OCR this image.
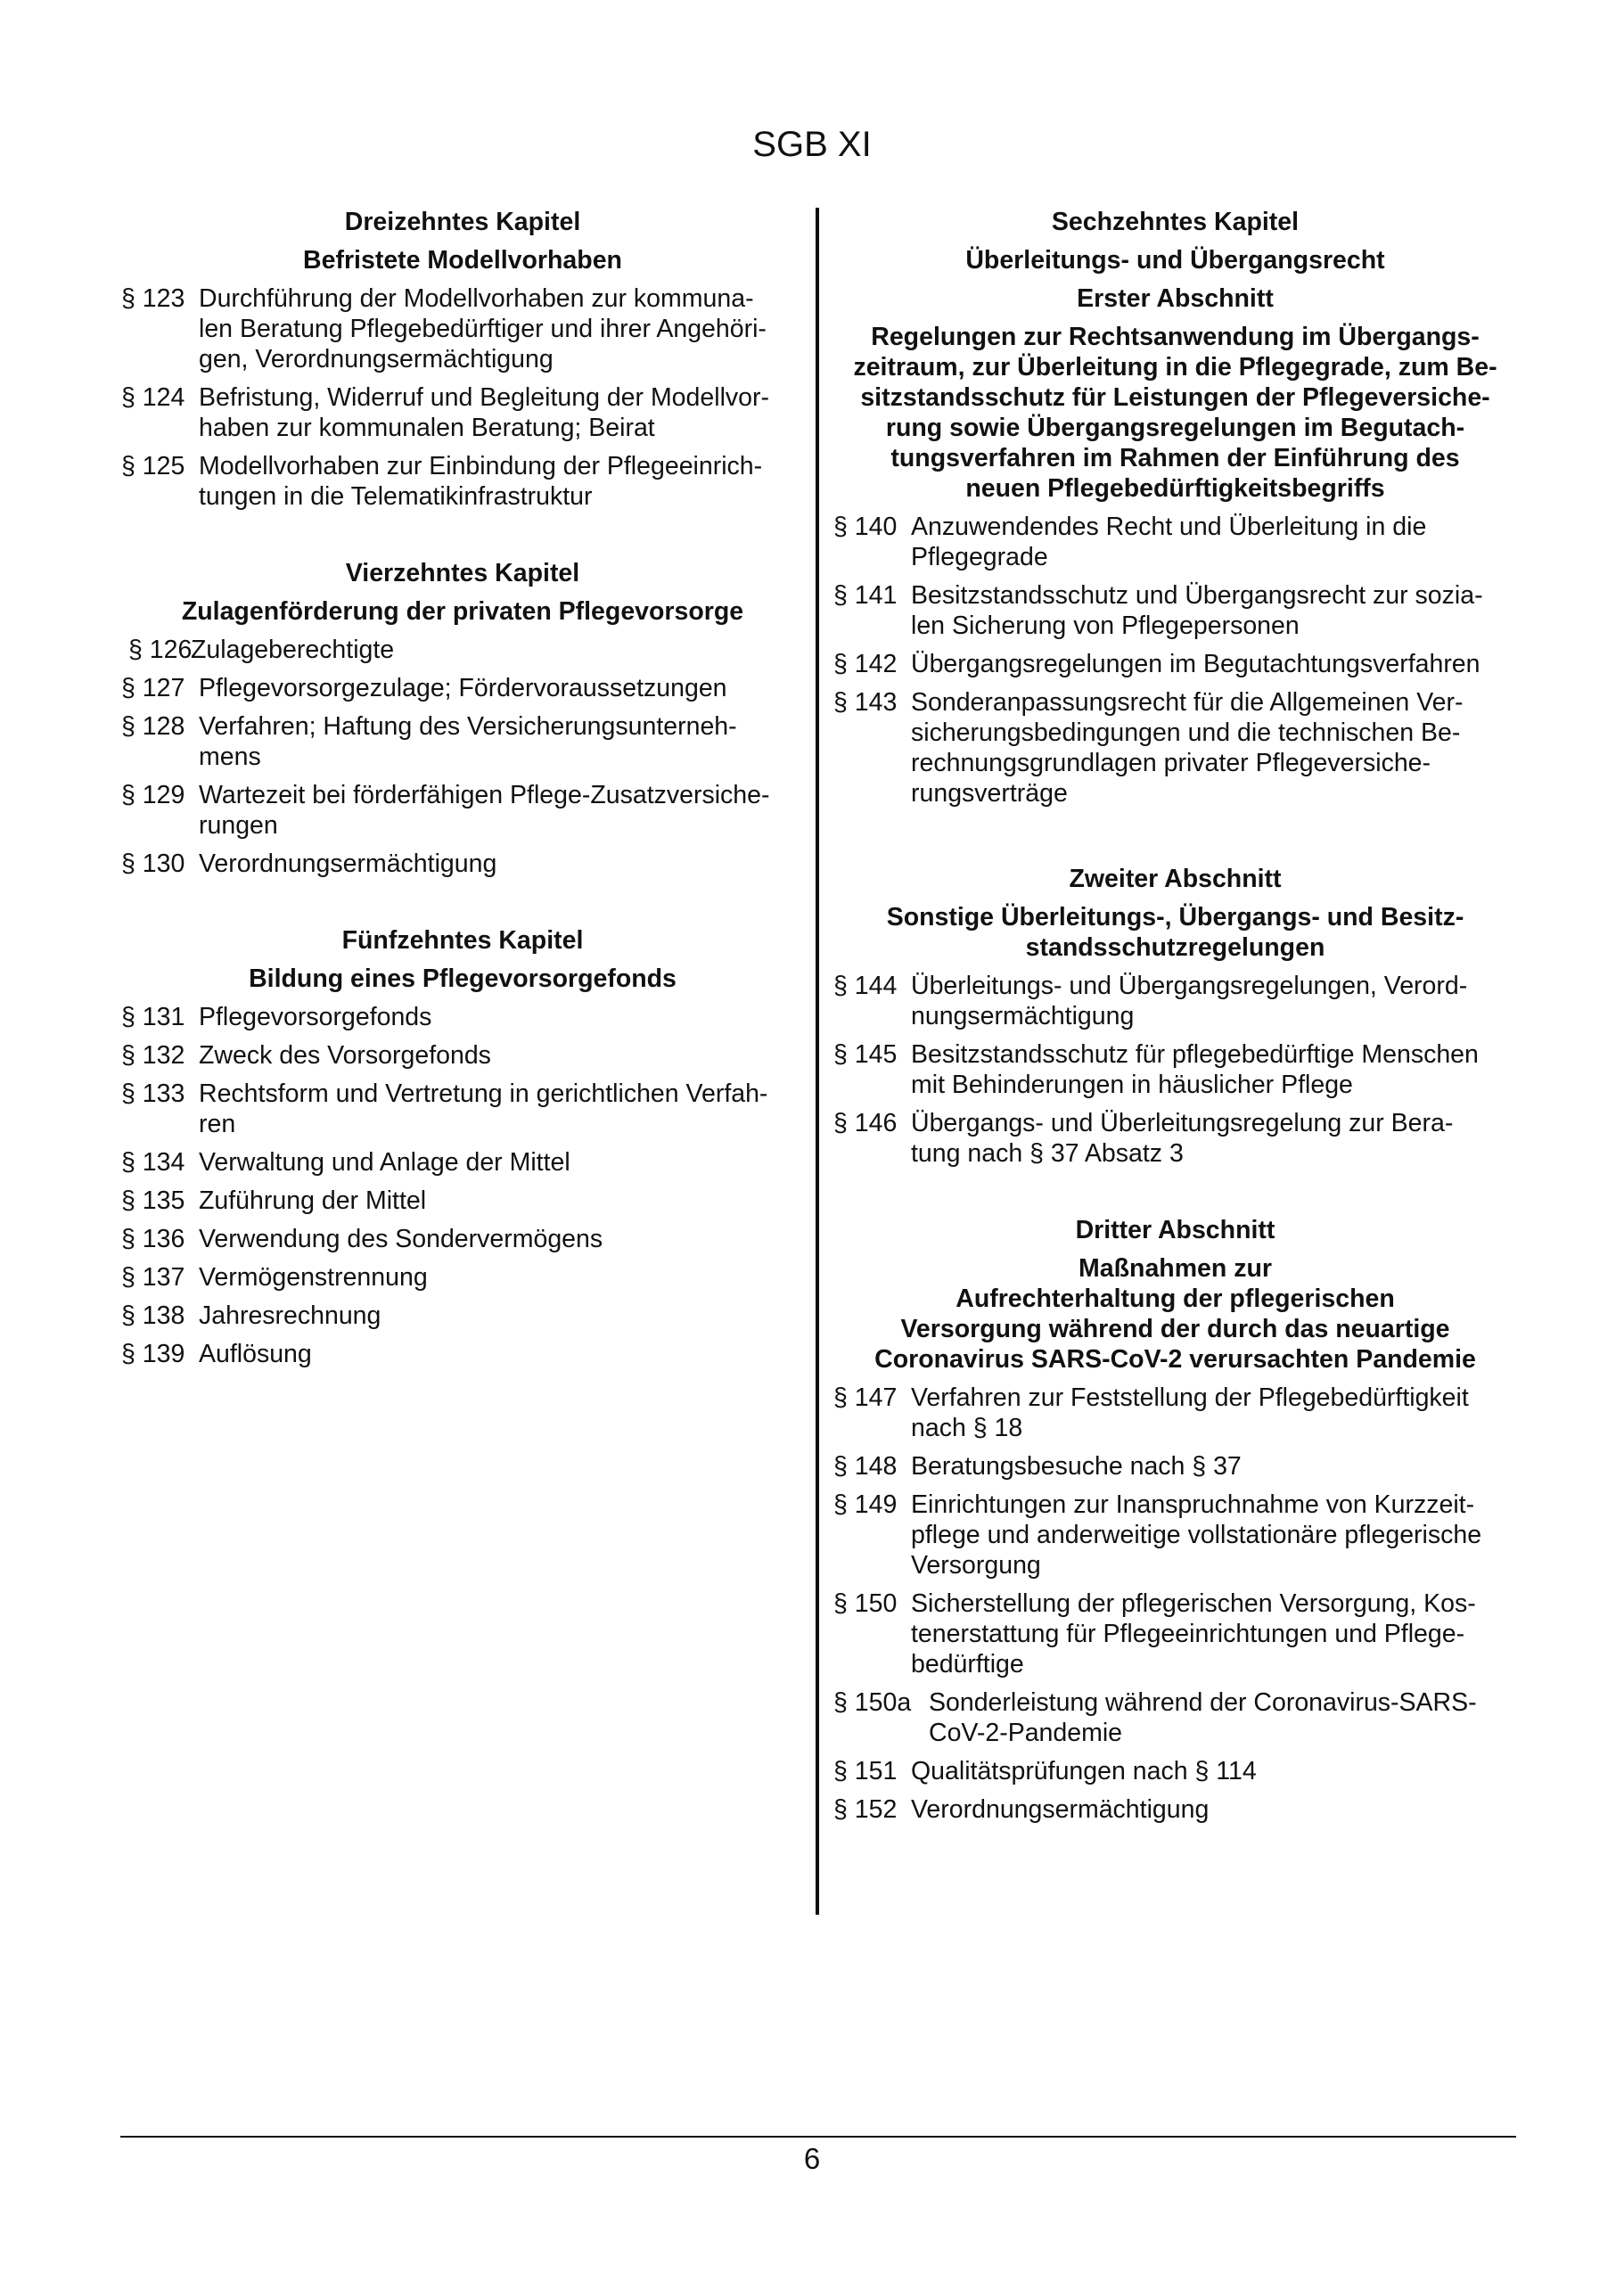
SGB XI
Dreizehntes Kapitel
Befristete Modellvorhaben
§ 123 Durchführung der Modellvorhaben zur kommuna-
len Beratung Pflegebedürftiger und ihrer Angehöri-
gen, Verordnungsermächtigung
§ 124 Befristung, Widerruf und Begleitung der Modellvor-
haben zur kommunalen Beratung; Beirat
§ 125 Modellvorhaben zur Einbindung der Pflegeeinrich-
tungen in die Telematikinfrastruktur
Vierzehntes Kapitel
Zulagenförderung der privaten Pflegevorsorge
§ 126
Zulageberechtigte
§ 127 Pflegevorsorgezulage; Fördervoraussetzungen
§ 128 Verfahren; Haftung des Versicherungsunterneh-
mens
§ 129 Wartezeit bei förderfähigen Pflege-Zusatzversiche-
rungen
§ 130 Verordnungsermächtigung
Fünfzehntes Kapitel
Bildung eines Pflegevorsorgefonds
§ 131 Pflegevorsorgefonds
§ 132 Zweck des Vorsorgefonds
§ 133 Rechtsform und Vertretung in gerichtlichen Verfah-
ren
§ 134 Verwaltung und Anlage der Mittel
§ 135 Zuführung der Mittel
§ 136 Verwendung des Sondervermögens
§ 137 Vermögenstrennung
§ 138 Jahresrechnung
§ 139 Auflösung
Sechzehntes Kapitel
Überleitungs- und Übergangsrecht
Erster Abschnitt
Regelungen zur Rechtsanwendung im Übergangs-
zeitraum, zur Überleitung in die Pflegegrade, zum Be-
sitzstandsschutz für Leistungen der Pflegeversiche-
rung sowie Übergangsregelungen im Begutach-
tungsverfahren im Rahmen der Einführung des
neuen Pflegebedürftigkeitsbegriffs
§ 140 Anzuwendendes Recht und Überleitung in die
Pflegegrade
§ 141 Besitzstandsschutz und Übergangsrecht zur sozia-
len Sicherung von Pflegepersonen
§ 142 Übergangsregelungen im Begutachtungsverfahren
§ 143 Sonderanpassungsrecht für die Allgemeinen Ver-
sicherungsbedingungen und die technischen Be-
rechnungsgrundlagen privater Pflegeversiche-
rungsverträge
Zweiter Abschnitt
Sonstige Überleitungs-, Übergangs- und Besitz-
standsschutzregelungen
§ 144 Überleitungs- und Übergangsregelungen, Verord-
nungsermächtigung
§ 145 Besitzstandsschutz für pflegebedürftige Menschen
mit Behinderungen in häuslicher Pflege
§ 146 Übergangs- und Überleitungsregelung zur Bera-
tung nach § 37 Absatz 3
Dritter Abschnitt
Maßnahmen zur
Aufrechterhaltung der pflegerischen
Versorgung während der durch das neuartige
Coronavirus SARS-CoV-2 verursachten Pandemie
§ 147 Verfahren zur Feststellung der Pflegebedürftigkeit
nach § 18
§ 148 Beratungsbesuche nach § 37
§ 149 Einrichtungen zur Inanspruchnahme von Kurzzeit-
pflege und anderweitige vollstationäre pflegerische
Versorgung
§ 150 Sicherstellung der pflegerischen Versorgung, Kos-
tenerstattung für Pflegeeinrichtungen und Pflege-
bedürftige
§ 150a Sonderleistung während der Coronavirus-SARS-
CoV-2-Pandemie
§ 151 Qualitätsprüfungen nach § 114
§ 152 Verordnungsermächtigung
6
